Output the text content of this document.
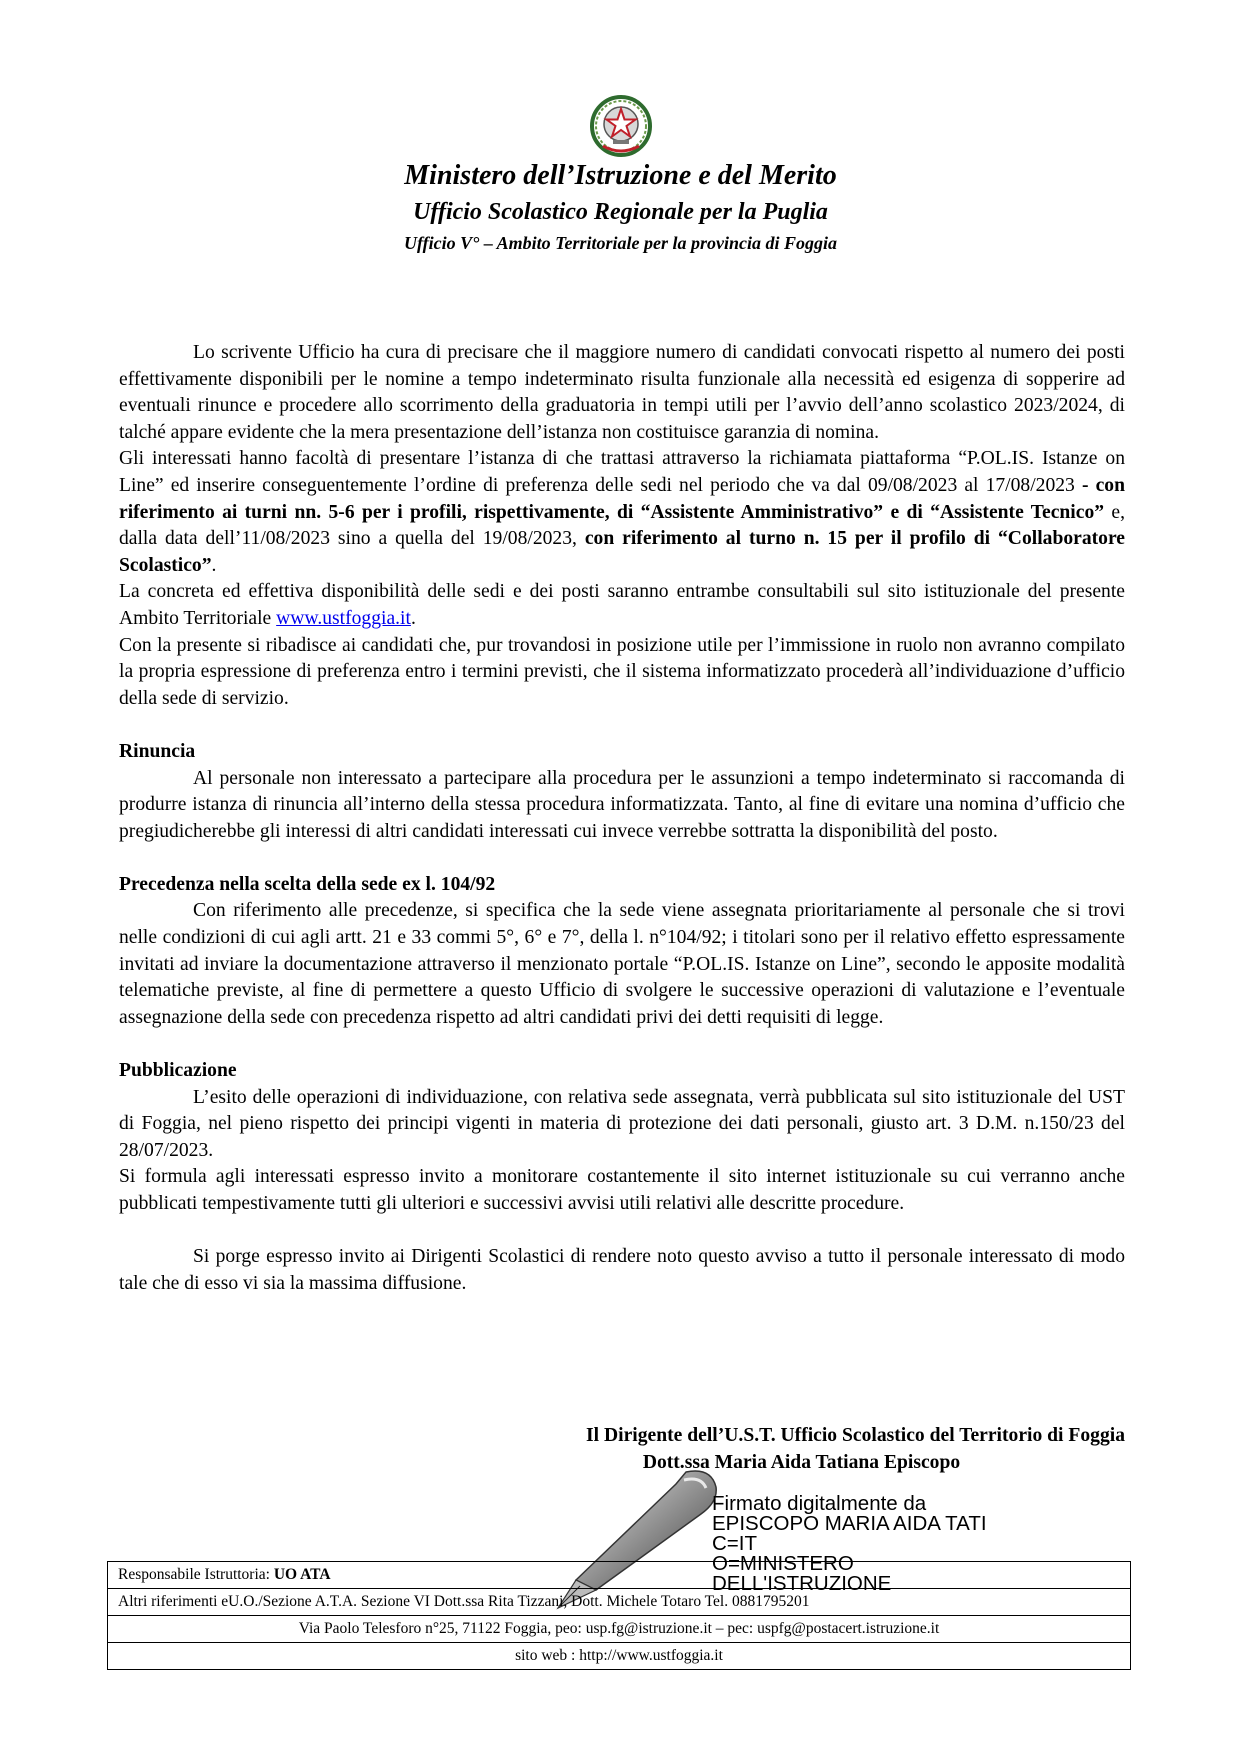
Ministero dell’Istruzione e del Merito
Ufficio Scolastico Regionale per la Puglia
Ufficio V° – Ambito Territoriale per la provincia di Foggia

Lo scrivente Ufficio ha cura di precisare che il maggiore numero di candidati convocati rispetto al numero dei posti effettivamente disponibili per le nomine a tempo indeterminato risulta funzionale alla necessità ed esigenza di sopperire ad eventuali rinunce e procedere allo scorrimento della graduatoria in tempi utili per l’avvio dell’anno scolastico 2023/2024, di talché appare evidente che la mera presentazione dell’istanza non costituisce garanzia di nomina.

Gli interessati hanno facoltà di presentare l’istanza di che trattasi attraverso la richiamata piattaforma “P.OL.IS. Istanze on Line” ed inserire conseguentemente l’ordine di preferenza delle sedi nel periodo che va dal 09/08/2023 al 17/08/2023 - con riferimento ai turni nn. 5-6 per i profili, rispettivamente, di “Assistente Amministrativo” e di “Assistente Tecnico” e, dalla data dell’11/08/2023 sino a quella del 19/08/2023, con riferimento al turno n. 15 per il profilo di “Collaboratore Scolastico”.

La concreta ed effettiva disponibilità delle sedi e dei posti saranno entrambe consultabili sul sito istituzionale del presente Ambito Territoriale www.ustfoggia.it.

Con la presente si ribadisce ai candidati che, pur trovandosi in posizione utile per l’immissione in ruolo non avranno compilato la propria espressione di preferenza entro i termini previsti, che il sistema informatizzato procederà all’individuazione d’ufficio della sede di servizio.

Rinuncia

Al personale non interessato a partecipare alla procedura per le assunzioni a tempo indeterminato si raccomanda di produrre istanza di rinuncia all’interno della stessa procedura informatizzata. Tanto, al fine di evitare una nomina d’ufficio che pregiudicherebbe gli interessi di altri candidati interessati cui invece verrebbe sottratta la disponibilità del posto.

Precedenza nella scelta della sede ex l. 104/92

Con riferimento alle precedenze, si specifica che la sede viene assegnata prioritariamente al personale che si trovi nelle condizioni di cui agli artt. 21 e 33 commi 5°, 6° e 7°, della l. n°104/92; i titolari sono per il relativo effetto espressamente invitati ad inviare la documentazione attraverso il menzionato portale “P.OL.IS. Istanze on Line”, secondo le apposite modalità telematiche previste, al fine di permettere a questo Ufficio di svolgere le successive operazioni di valutazione e l’eventuale assegnazione della sede con precedenza rispetto ad altri candidati privi dei detti requisiti di legge.

Pubblicazione

L’esito delle operazioni di individuazione, con relativa sede assegnata, verrà pubblicata sul sito istituzionale del UST di Foggia, nel pieno rispetto dei principi vigenti in materia di protezione dei dati personali, giusto art. 3 D.M. n.150/23 del 28/07/2023.

Si formula agli interessati espresso invito a monitorare costantemente il sito internet istituzionale su cui verranno anche pubblicati tempestivamente tutti gli ulteriori e successivi avvisi utili relativi alle descritte procedure.

Si porge espresso invito ai Dirigenti Scolastici di rendere noto questo avviso a tutto il personale interessato di modo tale che di esso vi sia la massima diffusione.

Il Dirigente dell’U.S.T. Ufficio Scolastico del Territorio di Foggia
Dott.ssa Maria Aida Tatiana Episcopo
Firmato digitalmente da
EPISCOPO MARIA AIDA TATI
C=IT
O=MINISTERO
DELL'ISTRUZIONE
Responsabile Istruttoria: UO ATA
Altri riferimenti eU.O./Sezione A.T.A. Sezione VI Dott.ssa Rita Tizzani, Dott. Michele Totaro Tel. 0881795201
Via Paolo Telesforo n°25, 71122 Foggia, peo: usp.fg@istruzione.it – pec: uspfg@postacert.istruzione.it
sito web : http://www.ustfoggia.it
